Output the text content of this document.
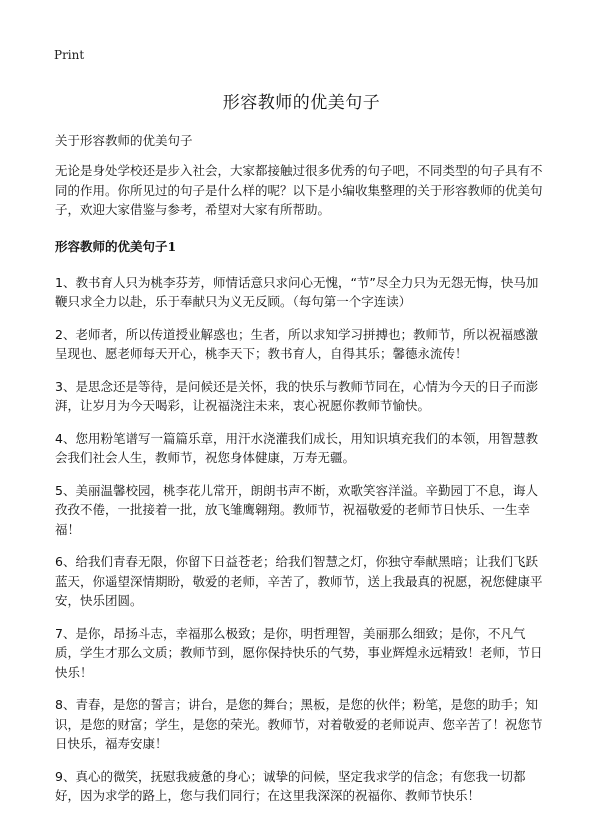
Print
形容教师的优美句子
关于形容教师的优美句子

无论是身处学校还是步入社会，大家都接触过很多优秀的句子吧，不同类型的句子具有不同的作用。你所见过的句子是什么样的呢？以下是小编收集整理的关于形容教师的优美句子，欢迎大家借鉴与参考，希望对大家有所帮助。

形容教师的优美句子1

1、教书育人只为桃李芬芳，师情话意只求问心无愧，“节”尽全力只为无怨无悔，快马加鞭只求全力以赴，乐于奉献只为义无反顾。（每句第一个字连读）

2、老师者，所以传道授业解惑也；生者，所以求知学习拼搏也；教师节，所以祝福感激呈现也、愿老师每天开心，桃李天下；教书育人，自得其乐；馨德永流传！

3、是思念还是等待，是问候还是关怀，我的快乐与教师节同在，心情为今天的日子而澎湃，让岁月为今天喝彩，让祝福浇注未来，衷心祝愿你教师节愉快。

4、您用粉笔谱写一篇篇乐章，用汗水浇灌我们成长，用知识填充我们的本领，用智慧教会我们社会人生，教师节，祝您身体健康，万寿无疆。

5、美丽温馨校园，桃李花儿常开，朗朗书声不断，欢歌笑容洋溢。辛勤园丁不息，诲人孜孜不倦，一批接着一批，放飞雏鹰翱翔。教师节，祝福敬爱的老师节日快乐、一生幸福！

6、给我们青春无限，你留下日益苍老；给我们智慧之灯，你独守奉献黑暗；让我们飞跃蓝天，你遥望深情期盼，敬爱的老师，辛苦了，教师节，送上我最真的祝愿，祝您健康平安，快乐团圆。

7、是你，昂扬斗志，幸福那么极致；是你，明哲理智，美丽那么细致；是你，不凡气质，学生才那么文质；教师节到，愿你保持快乐的气势，事业辉煌永远精致！老师，节日快乐！

8、青春，是您的誓言；讲台，是您的舞台；黑板，是您的伙伴；粉笔，是您的助手；知识，是您的财富；学生，是您的荣光。教师节，对着敬爱的老师说声、您辛苦了！祝您节日快乐，福寿安康！

9、真心的微笑，抚慰我疲惫的身心；诚挚的问候，坚定我求学的信念；有您我一切都好，因为求学的路上，您与我们同行；在这里我深深的祝福你、教师节快乐！
